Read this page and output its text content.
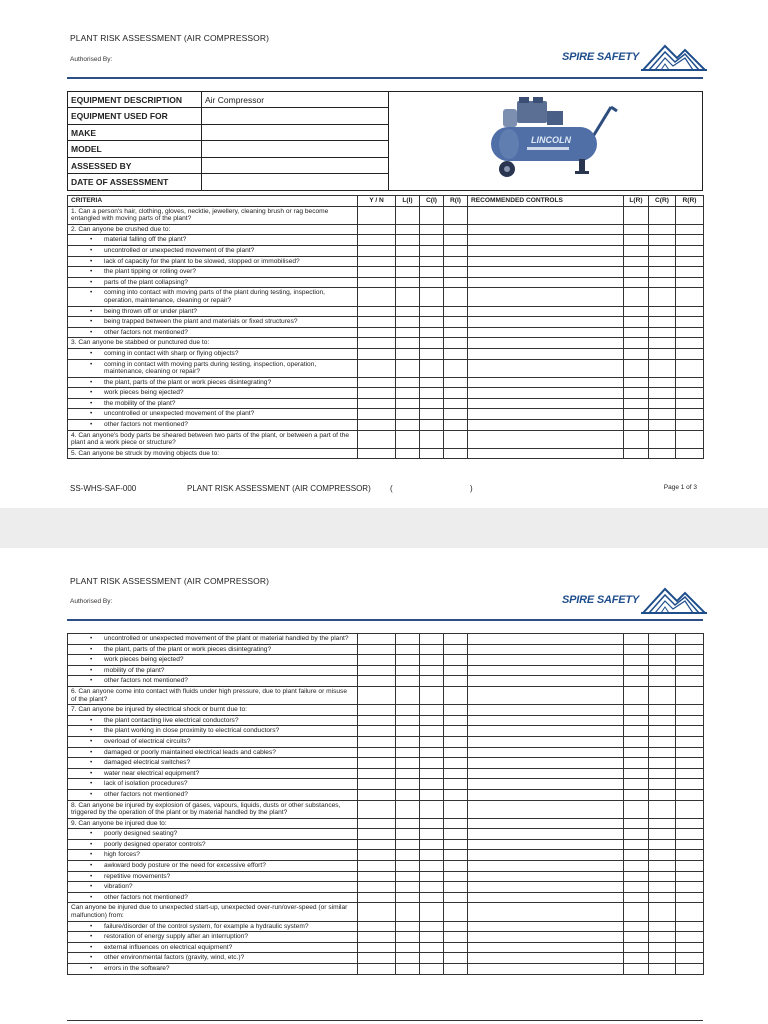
PLANT RISK ASSESSMENT (AIR COMPRESSOR)
Authorised By:	SPIRE SAFETY
EQUIPMENT DESCRIPTION	Air Compressor	LINCOLN

EQUIPMENT USED FOR		
MAKE		
MODEL		
ASSESSED BY		
DATE OF ASSESSMENT		
CRITERIA	Y / N	L(I)	C(I)	R(I)	RECOMMENDED CONTROLS	L(R)	C(R)	R(R)
1. Can a person's hair, clothing, gloves, necktie, jewellery, cleaning brush or rag become entangled with moving parts of the plant?								
2. Can anyone be crushed due to:								

• material falling off the plant?

• uncontrolled or unexpected movement of the plant?

• lack of capacity for the plant to be slowed, stopped or immobilised?

• the plant tipping or rolling over?

• parts of the plant collapsing?

• coming into contact with moving parts of the plant during testing, inspection, operation, maintenance, cleaning or repair?

• being thrown off or under plant?

• being trapped between the plant and materials or fixed structures?

• other factors not mentioned?

3. Can anyone be stabbed or punctured due to:								

• coming in contact with sharp or flying objects?

• coming in contact with moving parts during testing, inspection, operation, maintenance, cleaning or repair?

• the plant, parts of the plant or work pieces disintegrating?

• work pieces being ejected?

• the mobility of the plant?

• uncontrolled or unexpected movement of the plant?

• other factors not mentioned?

4. Can anyone's body parts be sheared between two parts of the plant, or between a part of the plant and a work piece or structure?								
5. Can anyone be struck by moving objects due to:								
SS-WHS-SAF-000	PLANT RISK ASSESSMENT (AIR COMPRESSOR) (	)	Page 1 of 3
PLANT RISK ASSESSMENT (AIR COMPRESSOR)
Authorised By:	SPIRE SAFETY
• uncontrolled or unexpected movement of the plant or material handled by the plant?

• the plant, parts of the plant or work pieces disintegrating?

• work pieces being ejected?

• mobility of the plant?

• other factors not mentioned?

6. Can anyone come into contact with fluids under high pressure, due to plant failure or misuse of the plant?								
7. Can anyone be injured by electrical shock or burnt due to:								

• the plant contacting live electrical conductors?

• the plant working in close proximity to electrical conductors?

• overload of electrical circuits?

• damaged or poorly maintained electrical leads and cables?

• damaged electrical switches?

• water near electrical equipment?

• lack of isolation procedures?

• other factors not mentioned?

8. Can anyone be injured by explosion of gases, vapours, liquids, dusts or other substances, triggered by the operation of the plant or by material handled by the plant?								
9. Can anyone be injured due to:								

• poorly designed seating?

• poorly designed operator controls?

• high forces?

• awkward body posture or the need for excessive effort?

• repetitive movements?

• vibration?

• other factors not mentioned?

Can anyone be injured due to unexpected start-up, unexpected over-run/over-speed (or similar malfunction) from:								

• failure/disorder of the control system, for example a hydraulic system?

• restoration of energy supply after an interruption?

• external influences on electrical equipment?

• other environmental factors (gravity, wind, etc.)?

• errors in the software?
